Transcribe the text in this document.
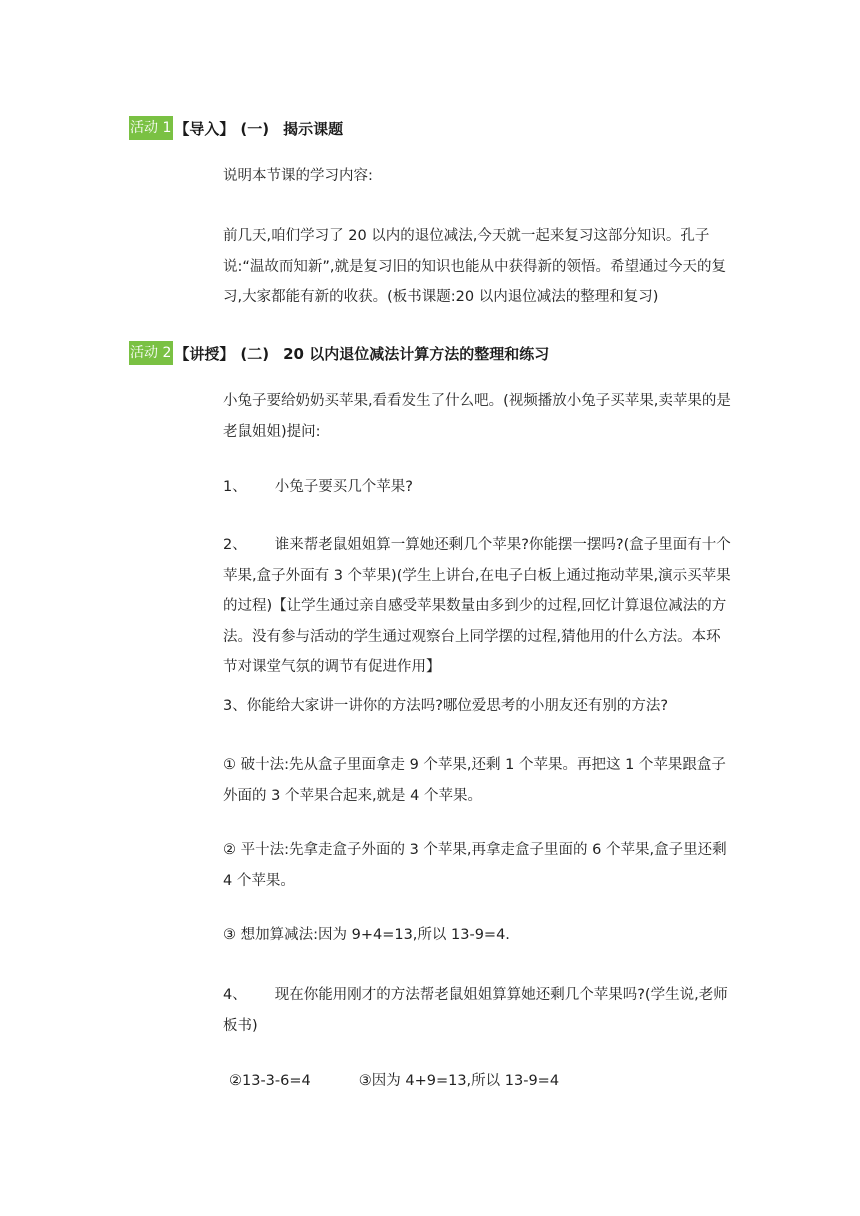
活动 1 【导入】 (一) 揭示课题

说明本节课的学习内容:

前几天,咱们学习了 20 以内的退位减法,今天就一起来复习这部分知识。孔子说:“温故而知新”,就是复习旧的知识也能从中获得新的领悟。希望通过今天的复习,大家都能有新的收获。(板书课题:20 以内退位减法的整理和复习)

活动 2 【讲授】 (二) 20 以内退位减法计算方法的整理和练习

小兔子要给奶奶买苹果,看看发生了什么吧。(视频播放小兔子买苹果,卖苹果的是老鼠姐姐)提问:

1、 小兔子要买几个苹果?

2、 谁来帮老鼠姐姐算一算她还剩几个苹果?你能摆一摆吗?(盒子里面有十个苹果,盒子外面有 3 个苹果)(学生上讲台,在电子白板上通过拖动苹果,演示买苹果的过程)【让学生通过亲自感受苹果数量由多到少的过程,回忆计算退位减法的方法。没有参与活动的学生通过观察台上同学摆的过程,猜他用的什么方法。本环节对课堂气氛的调节有促进作用】

3、你能给大家讲一讲你的方法吗?哪位爱思考的小朋友还有别的方法?

① 破十法:先从盒子里面拿走 9 个苹果,还剩 1 个苹果。再把这 1 个苹果跟盒子外面的 3 个苹果合起来,就是 4 个苹果。

② 平十法:先拿走盒子外面的 3 个苹果,再拿走盒子里面的 6 个苹果,盒子里还剩 4 个苹果。

③ 想加算减法:因为 9+4=13,所以 13-9=4.

4、 现在你能用刚才的方法帮老鼠姐姐算算她还剩几个苹果吗?(学生说,老师板书)

②13-3-6=4	③因为 4+9=13,所以 13-9=4
